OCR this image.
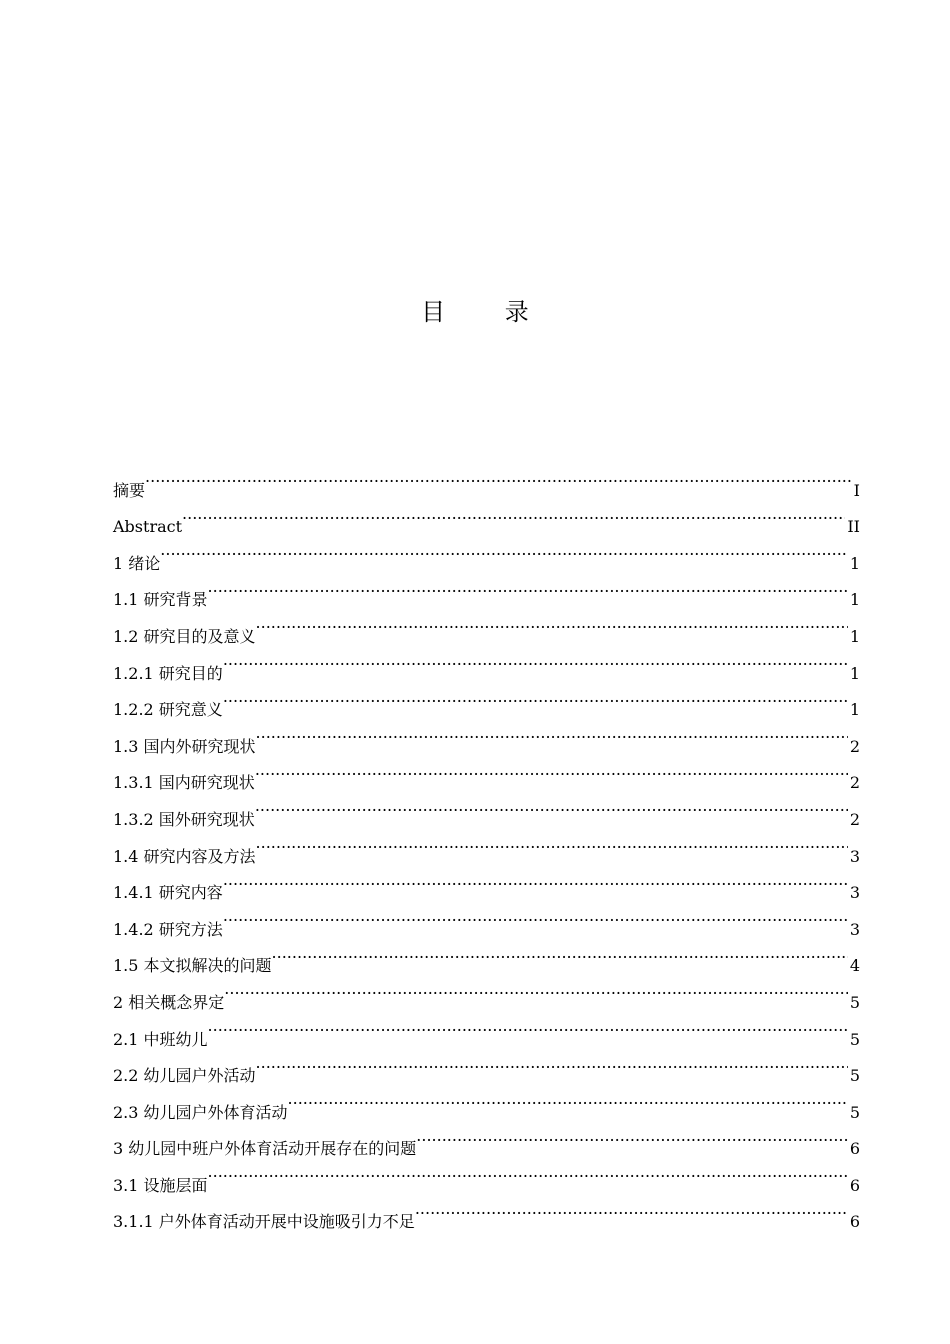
目 录
摘要 .....	I
Abstract .....	II
1 绪论 .....	1
1.1 研究背景 .....	1
1.2 研究目的及意义 .....	1
1.2.1 研究目的 .....	1
1.2.2 研究意义 .....	1
1.3 国内外研究现状 .....	2
1.3.1 国内研究现状 .....	2
1.3.2 国外研究现状 .....	2
1.4 研究内容及方法 .....	3
1.4.1 研究内容 .....	3
1.4.2 研究方法 .....	3
1.5 本文拟解决的问题 .....	4
2 相关概念界定 .....	5
2.1 中班幼儿 .....	5
2.2 幼儿园户外活动 .....	5
2.3 幼儿园户外体育活动 .....	5
3 幼儿园中班户外体育活动开展存在的问题 .....	6
3.1 设施层面 .....	6
3.1.1 户外体育活动开展中设施吸引力不足 .....	6
